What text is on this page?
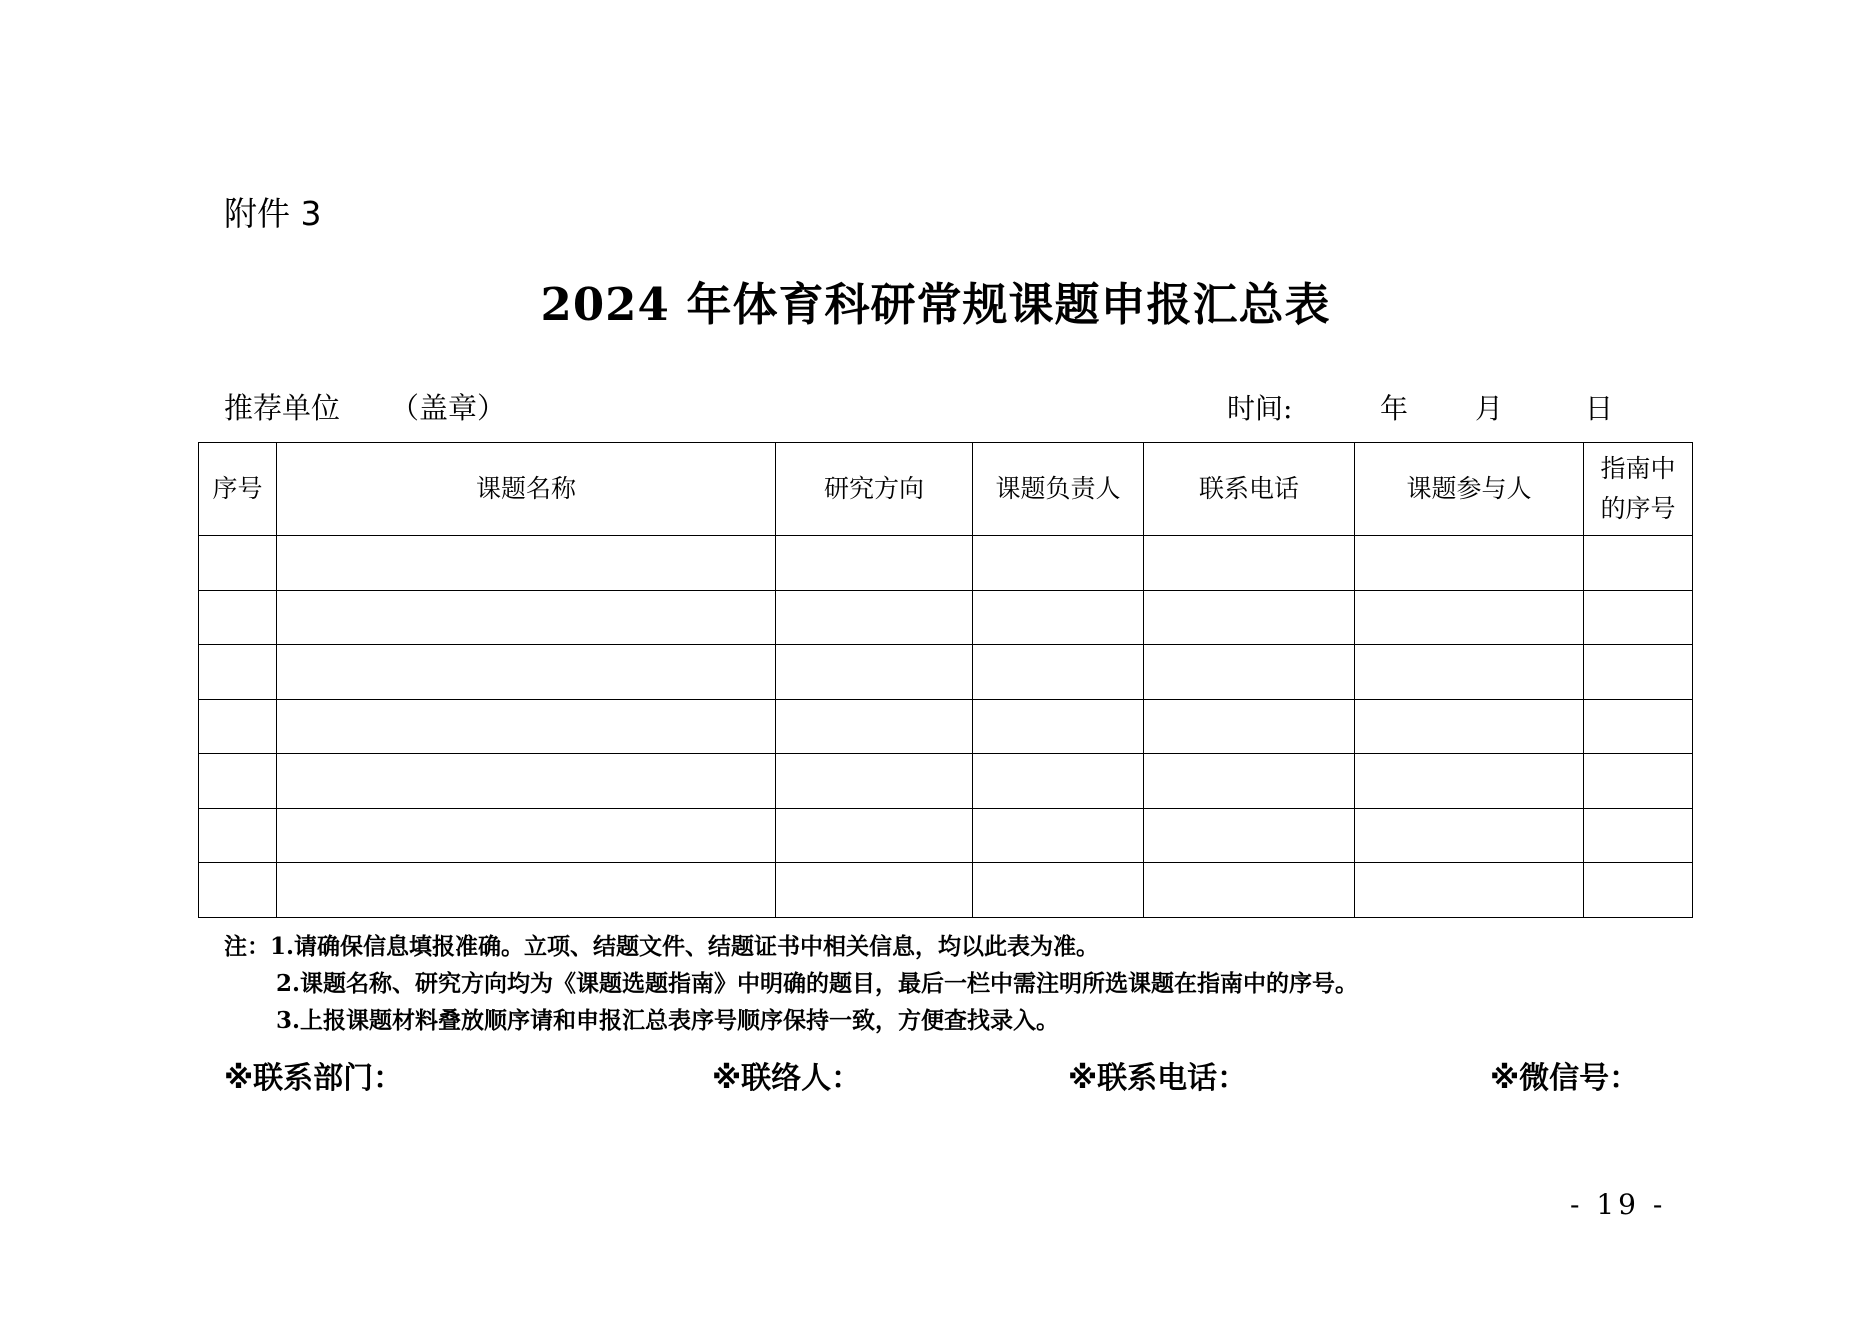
附件 3
2024 年体育科研常规课题申报汇总表
推荐单位 （盖章）	时间:	年 月	日
序号	课题名称	研究方向	课题负责人	联系电话	课题参与人	指南中
的序号

注：1.请确保信息填报准确。立项、结题文件、结题证书中相关信息，均以此表为准。
2.课题名称、研究方向均为《课题选题指南》中明确的题目，最后一栏中需注明所选课题在指南中的序号。
3.上报课题材料叠放顺序请和申报汇总表序号顺序保持一致，方便查找录入。
※联系部门：	※联络人：	※联系电话：	※微信号：
- 19 -
